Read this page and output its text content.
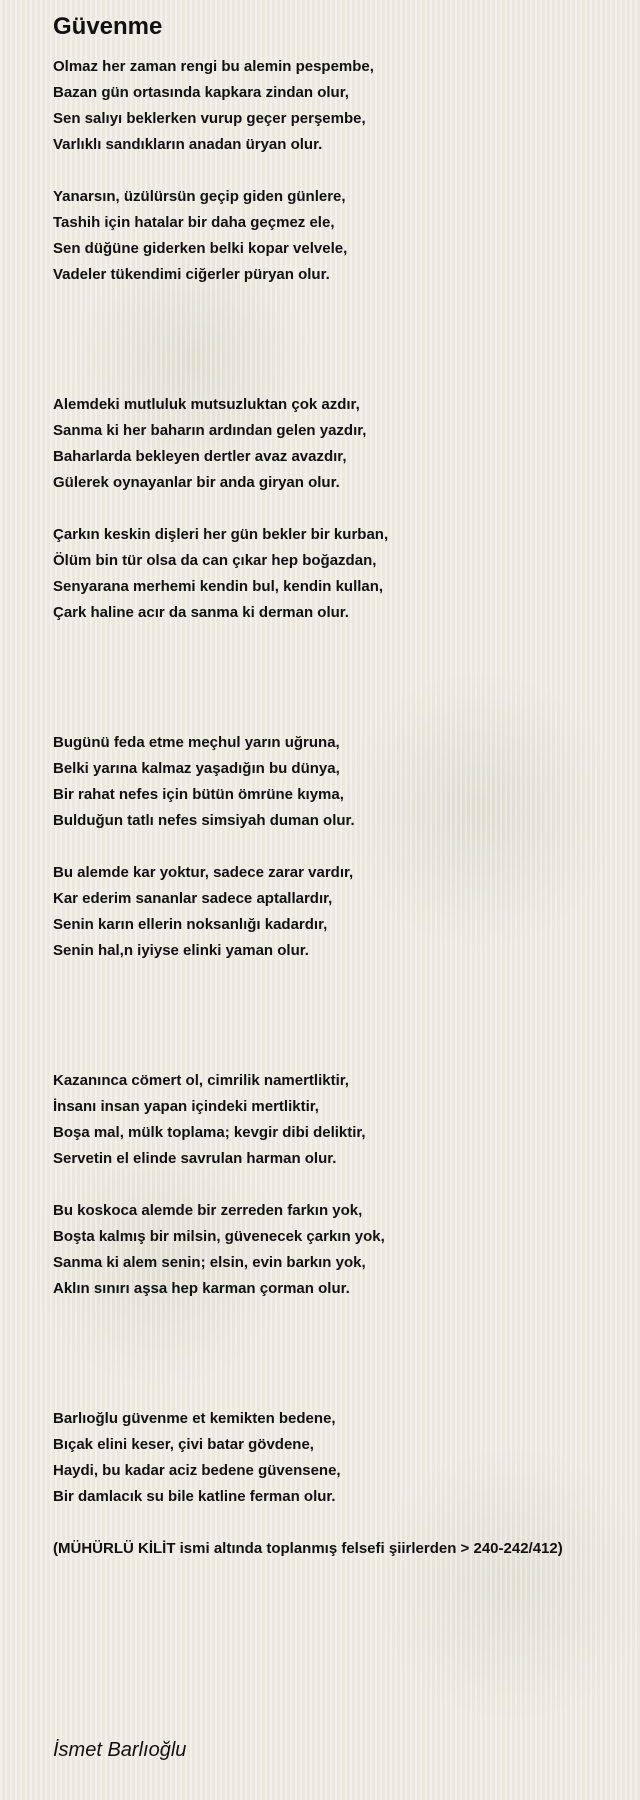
Güvenme
Olmaz her zaman rengi bu alemin pespembe,
Bazan gün ortasında kapkara zindan olur,
Sen salıyı beklerken vurup geçer perşembe,
Varlıklı sandıkların anadan üryan olur.
Yanarsın, üzülürsün geçip giden günlere,
Tashih için hatalar bir daha geçmez ele,
Sen düğüne giderken belki kopar velvele,
Vadeler tükendimi ciğerler püryan olur.
Alemdeki mutluluk mutsuzluktan çok azdır,
Sanma ki her baharın ardından gelen yazdır,
Baharlarda bekleyen dertler avaz avazdır,
Gülerek oynayanlar bir anda giryan olur.
Çarkın keskin dişleri her gün bekler bir kurban,
Ölüm bin tür olsa da can çıkar hep boğazdan,
Senyarana merhemi kendin bul, kendin kullan,
Çark haline acır da sanma ki derman olur.
Bugünü feda etme meçhul yarın uğruna,
Belki yarına kalmaz yaşadığın bu dünya,
Bir rahat nefes için bütün ömrüne kıyma,
Bulduğun tatlı nefes simsiyah duman olur.
Bu alemde kar yoktur, sadece zarar vardır,
Kar ederim sananlar sadece aptallardır,
Senin karın ellerin noksanlığı kadardır,
Senin hal,n iyiyse elinki yaman olur.
Kazanınca cömert ol, cimrilik namertliktir,
İnsanı insan yapan içindeki mertliktir,
Boşa mal, mülk toplama; kevgir dibi deliktir,
Servetin el elinde savrulan harman olur.
Bu koskoca alemde bir zerreden farkın yok,
Boşta kalmış bir milsin, güvenecek çarkın yok,
Sanma ki alem senin; elsin, evin barkın yok,
Aklın sınırı aşsa hep karman çorman olur.
Barlıoğlu güvenme et kemikten bedene,
Bıçak elini keser, çivi batar gövdene,
Haydi, bu kadar aciz bedene güvensene,
Bir damlacık su bile katline ferman olur.
(MÜHÜRLÜ KİLİT ismi altında toplanmış felsefi şiirlerden > 240-242/412)
İsmet Barlıoğlu
